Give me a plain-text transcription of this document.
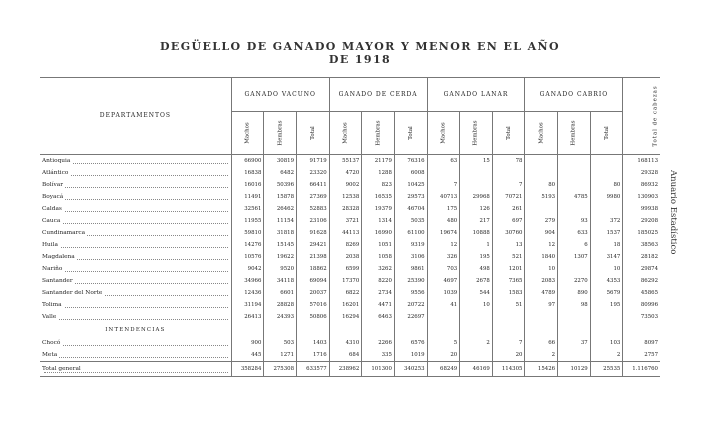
DEGÜELLO DE GANADO MAYOR Y MENOR EN EL AÑO DE 1918
Anuario Estadístico
DEPARTAMENTOS	GANADO VACUNO			GANADO DE CERDA			GANADO LANAR			GANADO CABRIO			Total de cabezas
	Machos	Hembras	Total	Machos	Hembras	Total	Machos	Hembras	Total	Machos	Hembras	Total	
Antioquia	66900	30819	91719	55137	21179	76316	63	15	78				168113
Atlántico	16838	6482	23320	4720	1288	6008							29328
Bolívar	16016	50396	66411	9002	823	10425	7		7	80		80	86932
Boyacá	11491	15878	27369	12538	16535	29573	40713	29968	70721	5193	4785	9980	130903
Caldas	32561	26462	52883	28328	19379	46704	175	126	261				99938
Cauca	11955	11154	23106	3721	1314	5035	480	217	697	279	93	372	29208
Cundinamarca	59810	31818	91628	44113	16990	61100	19674	10888	30760	904	633	1537	185025
Huila	14276	15145	29421	8269	1051	9319	12	1	13	12	6	18	38563
Magdalena	10576	19622	21398	2038	1058	3106	326	195	521	1840	1307	3147	28182
Nariño	9042	9520	18862	6599	3262	9861	703	498	1201	10		10	29874
Santander	34966	34118	69094	17370	8220	25390	4697	2678	7365	2083	2270	4353	86292
Santander del Norte	12436	6601	20037	6822	2734	9556	1039	544	1583	4789	890	5679	45865
Tolima	31194	28828	57016	16201	4471	20722	41	10	51	97	98	195	80996
Valle	26413	24393	50806	16294	6463	22697							73503
INTENDENCIAS													
Chocó	900	503	1403	4310	2266	6576	5	2	7	66	37	103	8097
Meta	445	1271	1716	684	335	1019	20		20	2		2	2757
Total general	358284	275308	633577	238962	101300	340253	68249	46169	114305	15426	10129	25535	1.116760
